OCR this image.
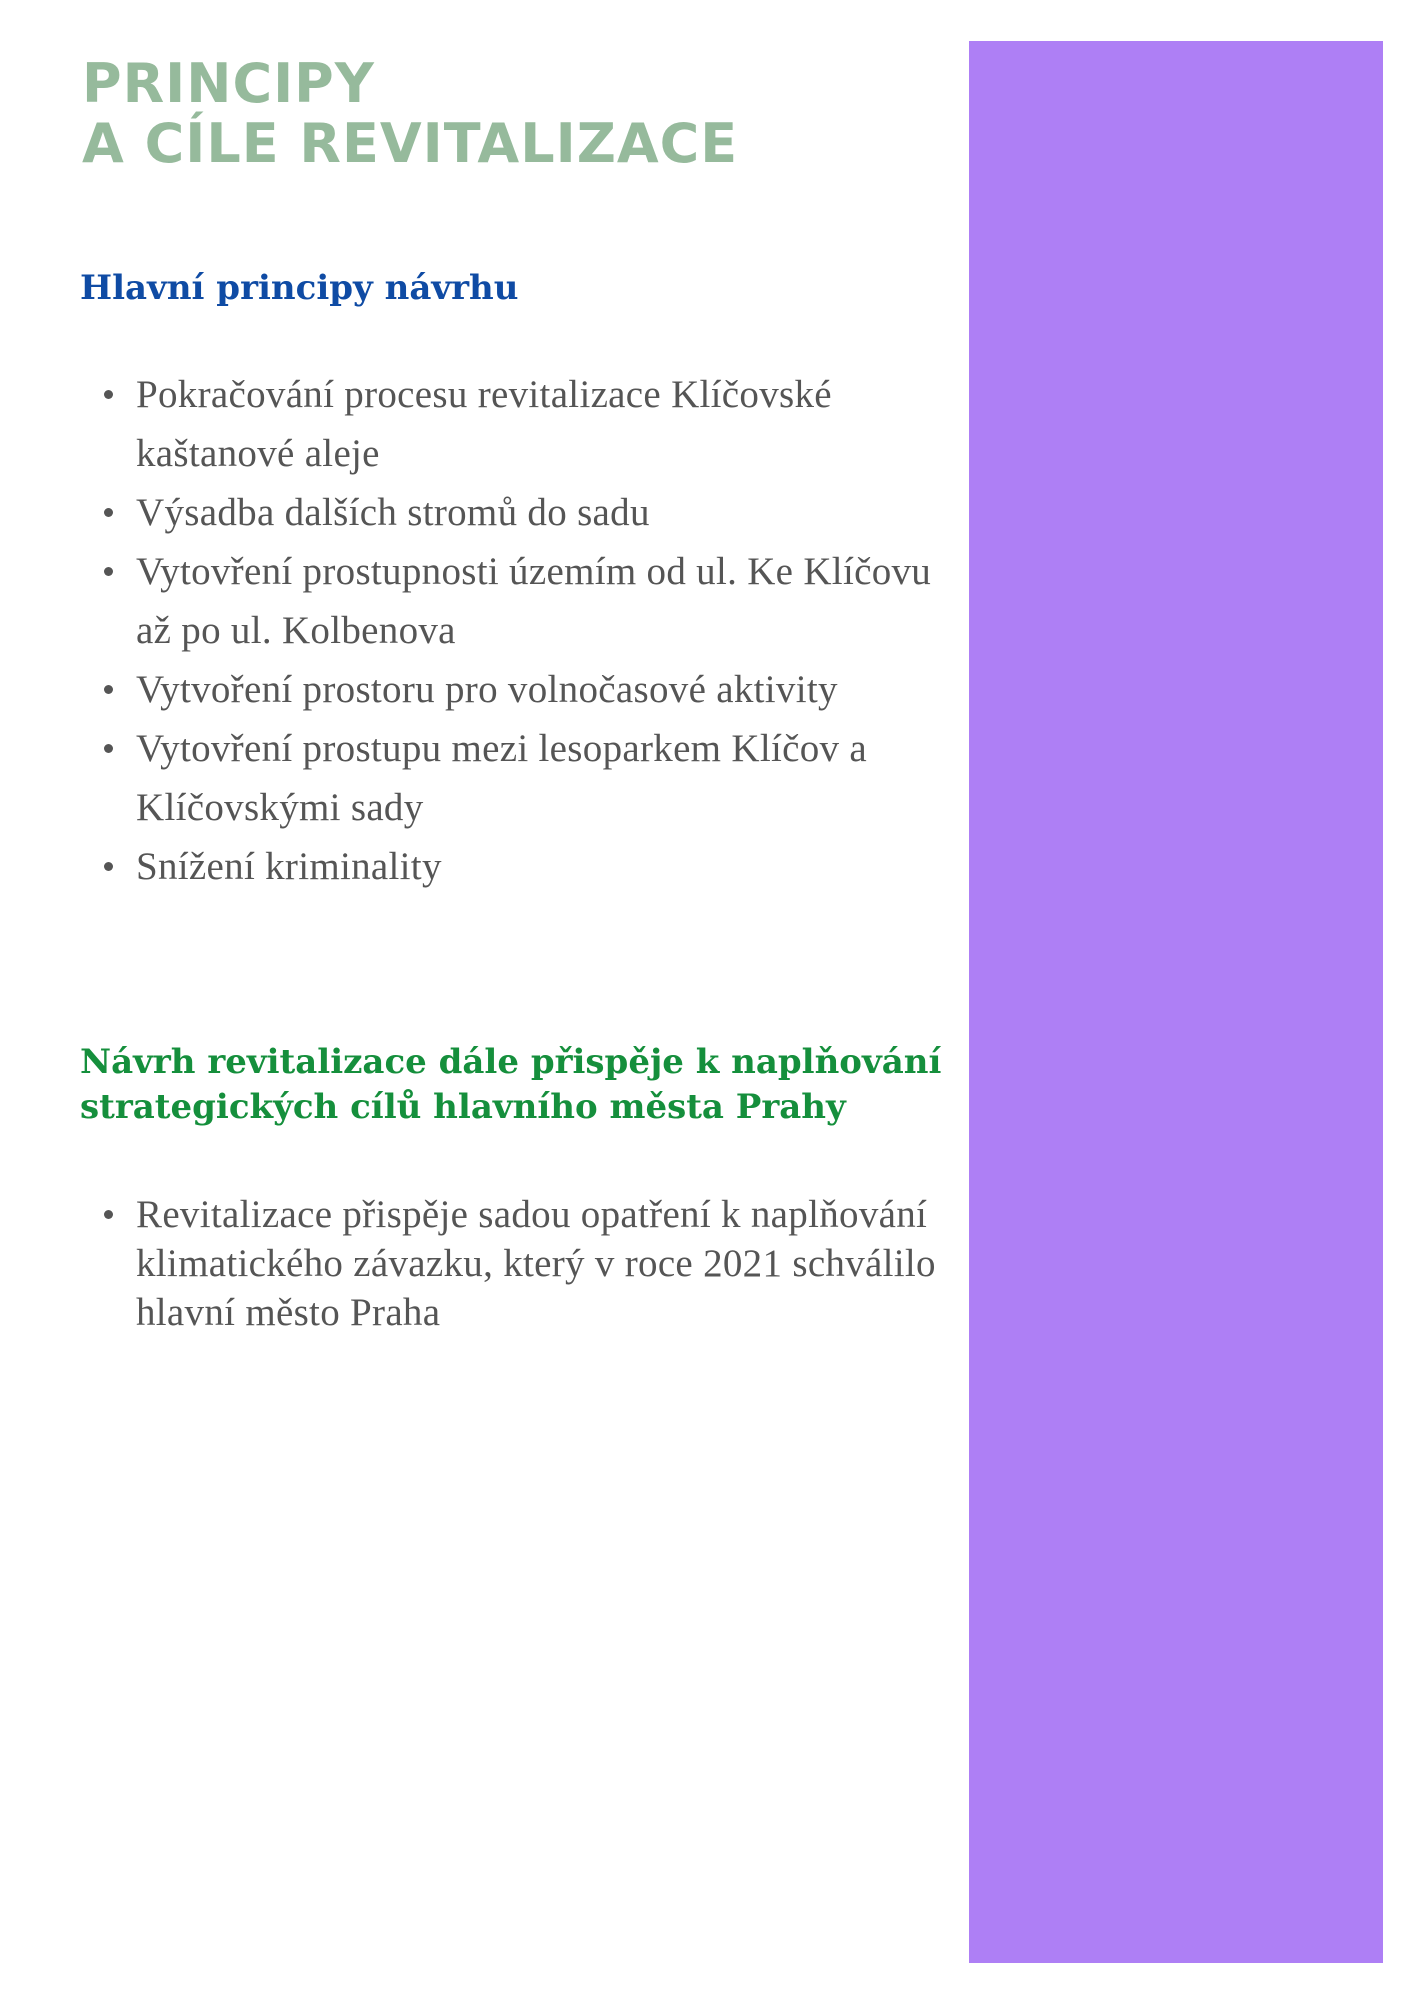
PRINCIPY
A CÍLE REVITALIZACE
Hlavní principy návrhu
Pokračování procesu revitalizace Klíčovské kaštanové aleje
Výsadba dalších stromů do sadu
Vytovření prostupnosti územím od ul. Ke Klíčovu až po ul. Kolbenova
Vytvoření prostoru pro volnočasové aktivity
Vytovření prostupu mezi lesoparkem Klíčov a Klíčovskými sady
Snížení kriminality
Návrh revitalizace dále přispěje k naplňování strategických cílů hlavního města Prahy
Revitalizace přispěje sadou opatření k naplňování klimatického závazku, který v roce 2021 schválilo hlavní město Praha
